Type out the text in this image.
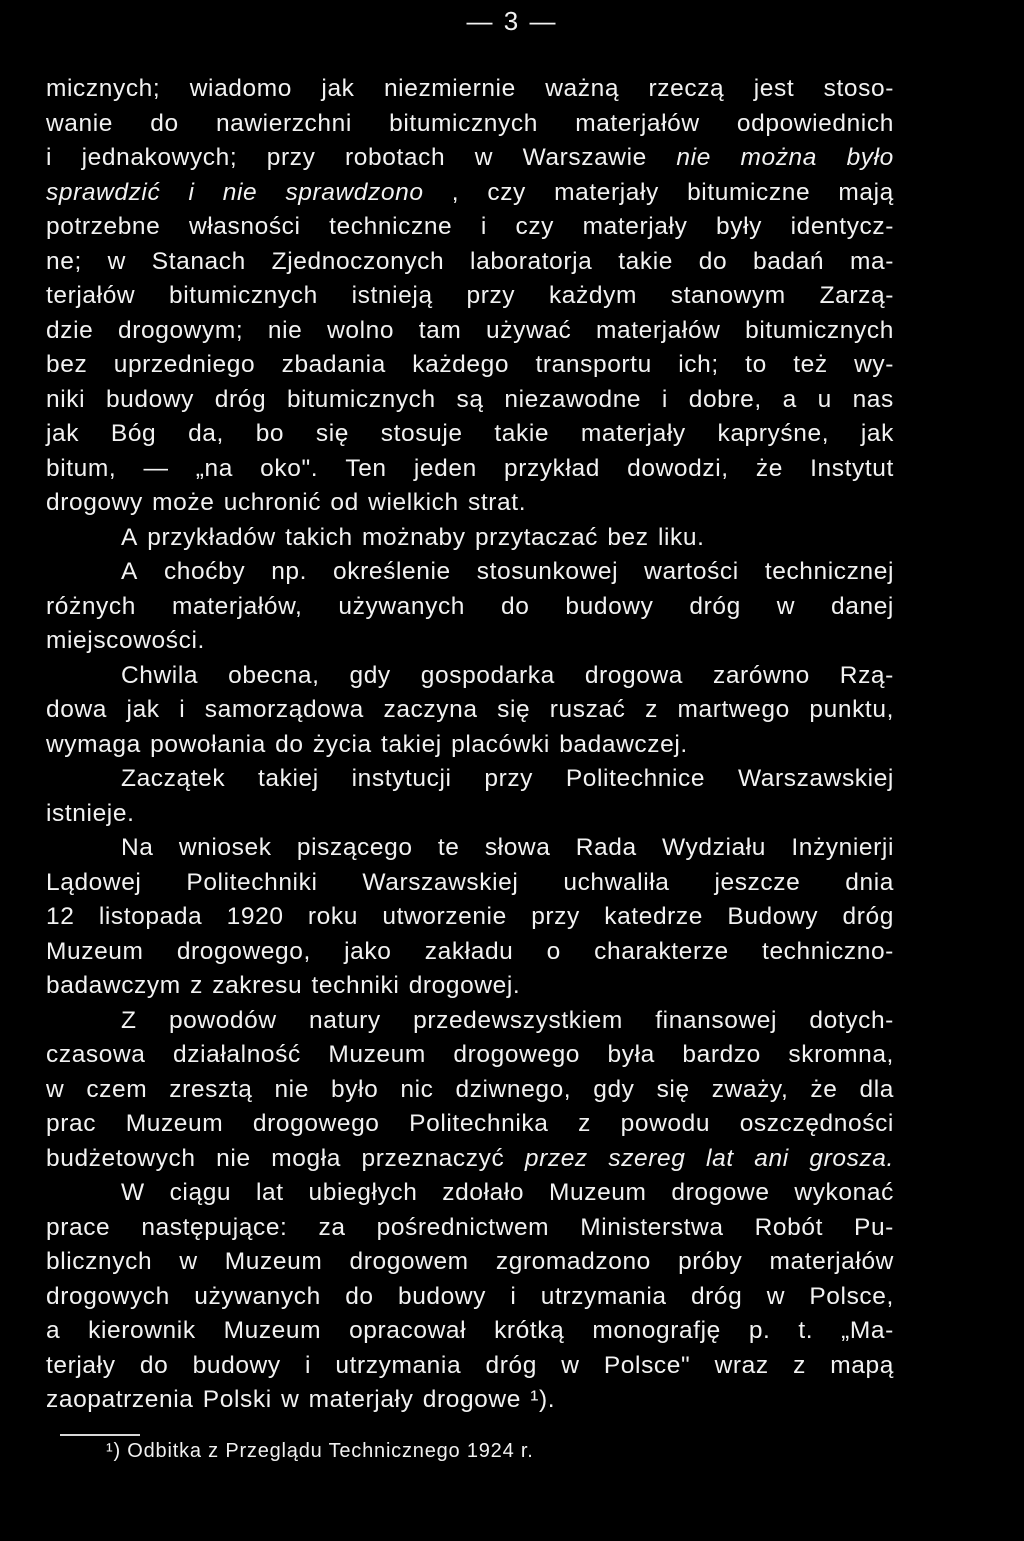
— 3 —
micznych; wiadomo jak niezmiernie ważną rzeczą jest stoso-
wanie do nawierzchni bitumicznych materjałów odpowiednich
i jednakowych; przy robotach w Warszawie nie można było
sprawdzić i nie sprawdzono , czy materjały bitumiczne mają
potrzebne własności techniczne i czy materjały były identycz-
ne; w Stanach Zjednoczonych laboratorja takie do badań ma-
terjałów bitumicznych istnieją przy każdym stanowym Zarzą-
dzie drogowym; nie wolno tam używać materjałów bitumicznych
bez uprzedniego zbadania każdego transportu ich; to też wy-
niki budowy dróg bitumicznych są niezawodne i dobre, a u nas
jak Bóg da, bo się stosuje takie materjały kapryśne, jak
bitum, — „na oko". Ten jeden przykład dowodzi, że Instytut
drogowy może uchronić od wielkich strat.
A przykładów takich możnaby przytaczać bez liku.
A choćby np. określenie stosunkowej wartości technicznej
różnych materjałów, używanych do budowy dróg w danej
miejscowości.
Chwila obecna, gdy gospodarka drogowa zarówno Rzą-
dowa jak i samorządowa zaczyna się ruszać z martwego punktu,
wymaga powołania do życia takiej placówki badawczej.
Zaczątek takiej instytucji przy Politechnice Warszawskiej
istnieje.
Na wniosek piszącego te słowa Rada Wydziału Inżynierji
Lądowej Politechniki Warszawskiej uchwaliła jeszcze dnia
12 listopada 1920 roku utworzenie przy katedrze Budowy dróg
Muzeum drogowego, jako zakładu o charakterze techniczno-
badawczym z zakresu techniki drogowej.
Z powodów natury przedewszystkiem finansowej dotych-
czasowa działalność Muzeum drogowego była bardzo skromna,
w czem zresztą nie było nic dziwnego, gdy się zważy, że dla
prac Muzeum drogowego Politechnika z powodu oszczędności
budżetowych nie mogła przeznaczyć przez szereg lat ani grosza.
W ciągu lat ubiegłych zdołało Muzeum drogowe wykonać
prace następujące: za pośrednictwem Ministerstwa Robót Pu-
blicznych w Muzeum drogowem zgromadzono próby materjałów
drogowych używanych do budowy i utrzymania dróg w Polsce,
a kierownik Muzeum opracował krótką monografję p. t. „Ma-
terjały do budowy i utrzymania dróg w Polsce" wraz z mapą
zaopatrzenia Polski w materjały drogowe ¹).
¹) Odbitka z Przeglądu Technicznego 1924 r.
